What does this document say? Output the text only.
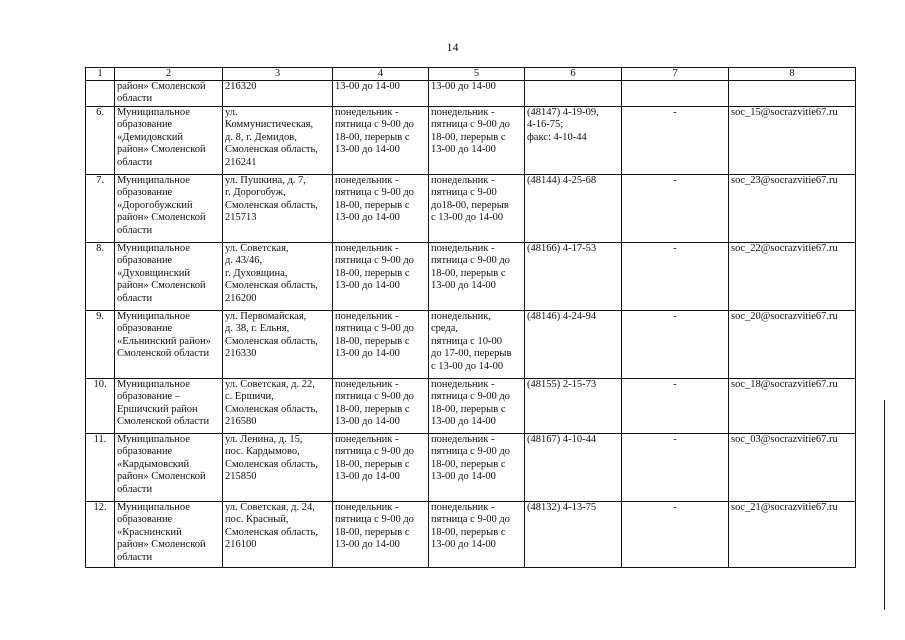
14
1	2	3	4	5	6	7	8
	район» Смоленской
области	216320	13-00 до 14-00	13-00 до 14-00			
6.	Муниципальное
образование
«Демидовский
район» Смоленской
области	ул.
Коммунистическая,
д. 8, г. Демидов,
Смоленская область,
216241	понедельник -
пятница с 9-00 до
18-00, перерыв с
13-00 до 14-00	понедельник -
пятница с 9-00 до
18-00, перерыв с
13-00 до 14-00	(48147) 4-19-09,
4-16-75;
факс: 4-10-44	-	soc_15@socrazvitie67.ru
7.	Муниципальное
образование
«Дорогобужский
район» Смоленской
области	ул. Пушкина, д. 7,
г. Дорогобуж,
Смоленская область,
215713	понедельник -
пятница с 9-00 до
18-00, перерыв с
13-00 до 14-00	понедельник -
пятница с 9-00
до18-00, перерыв
с 13-00 до 14-00	(48144) 4-25-68	-	soc_23@socrazvitie67.ru
8.	Муниципальное
образование
«Духовщинский
район» Смоленской
области	ул. Советская,
д. 43/46,
г. Духовщина,
Смоленская область,
216200	понедельник -
пятница с 9-00 до
18-00, перерыв с
13-00 до 14-00	понедельник -
пятница с 9-00 до
18-00, перерыв с
13-00 до 14-00	(48166) 4-17-53	-	soc_22@socrazvitie67.ru
9.	Муниципальное
образование
«Ельнинский район»
Смоленской области	ул. Первомайская,
д. 38, г. Ельня,
Смоленская область,
216330	понедельник -
пятница с 9-00 до
18-00, перерыв с
13-00 до 14-00	понедельник,
среда,
пятница с 10-00
до 17-00, перерыв
с 13-00 до 14-00	(48146) 4-24-94	-	soc_20@socrazvitie67.ru
10.	Муниципальное
образование –
Ершичский район
Смоленской области	ул. Советская, д. 22,
с. Ершичи,
Смоленская область,
216580	понедельник -
пятница с 9-00 до
18-00, перерыв с
13-00 до 14-00	понедельник -
пятница с 9-00 до
18-00, перерыв с
13-00 до 14-00	(48155) 2-15-73	-	soc_18@socrazvitie67.ru
11.	Муниципальное
образование
«Кардымовский
район» Смоленской
области	ул. Ленина, д. 15,
пос. Кардымово,
Смоленская область,
215850	понедельник -
пятница с 9-00 до
18-00, перерыв с
13-00 до 14-00	понедельник -
пятница с 9-00 до
18-00, перерыв с
13-00 до 14-00	(48167) 4-10-44	-	soc_03@socrazvitie67.ru
12.	Муниципальное
образование
«Краснинский
район» Смоленской
области	ул. Советская, д. 24,
пос. Красный,
Смоленская область,
216100	понедельник -
пятница с 9-00 до
18-00, перерыв с
13-00 до 14-00	понедельник -
пятница с 9-00 до
18-00, перерыв с
13-00 до 14-00	(48132) 4-13-75	-	soc_21@socrazvitie67.ru
